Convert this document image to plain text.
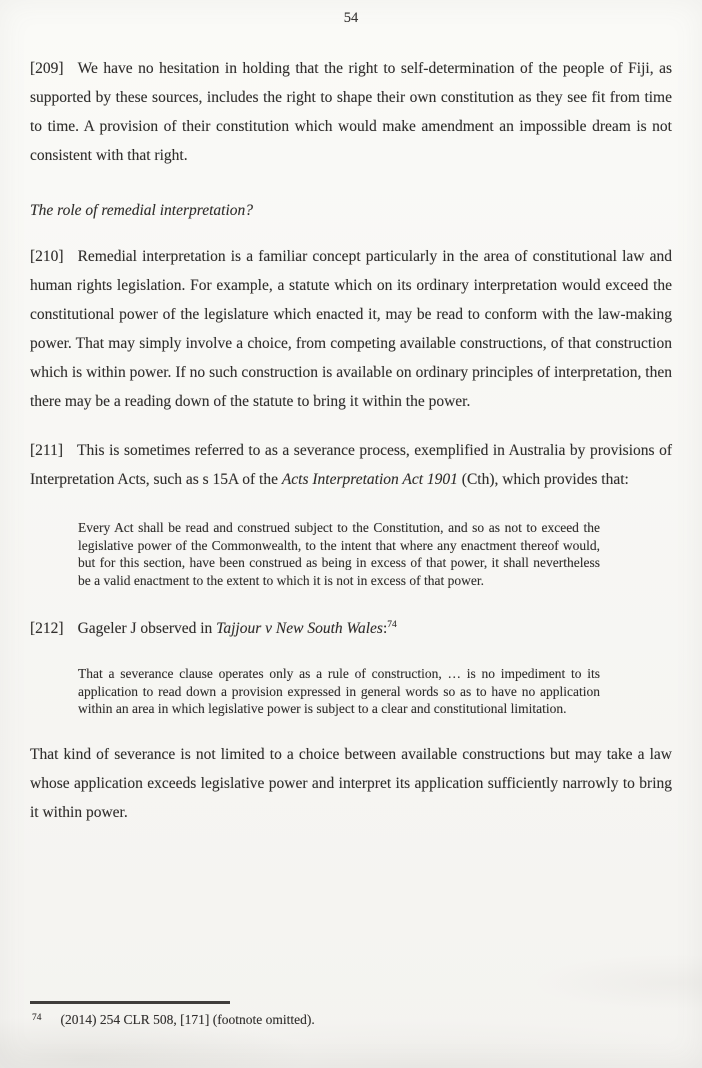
54

[209] We have no hesitation in holding that the right to self-determination of the people of Fiji, as supported by these sources, includes the right to shape their own constitution as they see fit from time to time. A provision of their constitution which would make amendment an impossible dream is not consistent with that right.

The role of remedial interpretation?

[210] Remedial interpretation is a familiar concept particularly in the area of constitutional law and human rights legislation. For example, a statute which on its ordinary interpretation would exceed the constitutional power of the legislature which enacted it, may be read to conform with the law-making power. That may simply involve a choice, from competing available constructions, of that construction which is within power. If no such construction is available on ordinary principles of interpretation, then there may be a reading down of the statute to bring it within the power.

[211] This is sometimes referred to as a severance process, exemplified in Australia by provisions of Interpretation Acts, such as s 15A of the Acts Interpretation Act 1901 (Cth), which provides that:

Every Act shall be read and construed subject to the Constitution, and so as not to exceed the legislative power of the Commonwealth, to the intent that where any enactment thereof would, but for this section, have been construed as being in excess of that power, it shall nevertheless be a valid enactment to the extent to which it is not in excess of that power.

[212] Gageler J observed in Tajjour v New South Wales:$^{74}$

That a severance clause operates only as a rule of construction, … is no impediment to its application to read down a provision expressed in general words so as to have no application within an area in which legislative power is subject to a clear and constitutional limitation.

That kind of severance is not limited to a choice between available constructions but may take a law whose application exceeds legislative power and interpret its application sufficiently narrowly to bring it within power.

74 (2014) 254 CLR 508, [171] (footnote omitted).
